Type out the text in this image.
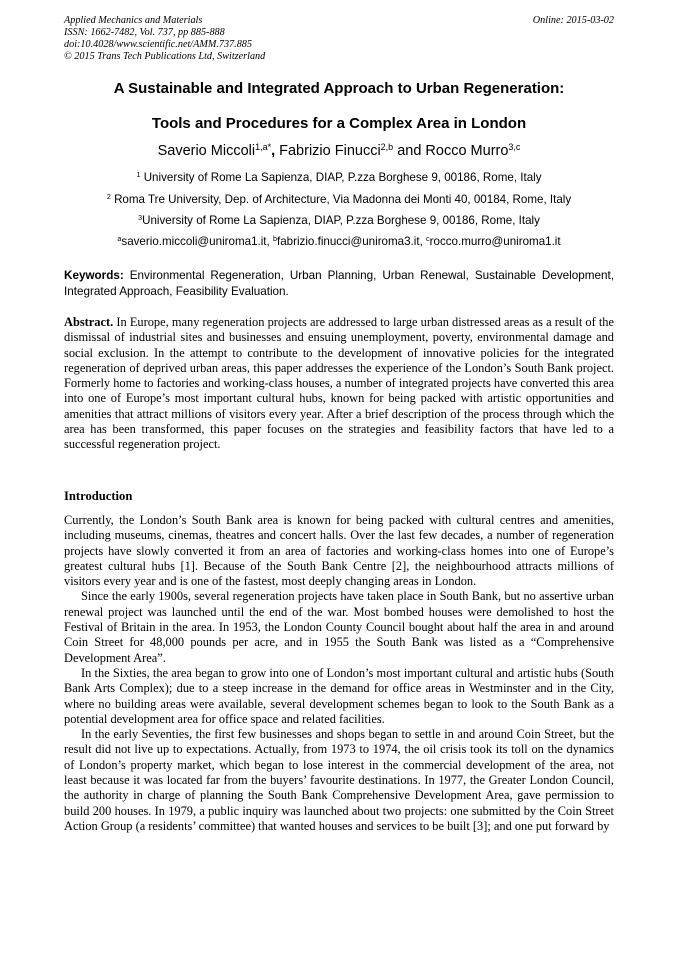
Applied Mechanics and Materials
ISSN: 1662-7482, Vol. 737, pp 885-888
doi:10.4028/www.scientific.net/AMM.737.885
© 2015 Trans Tech Publications Ltd, Switzerland
Online: 2015-03-02
A Sustainable and Integrated Approach to Urban Regeneration:
Tools and Procedures for a Complex Area in London
Saverio Miccoli$^{1,a*}$, Fabrizio Finucci$^{2,b}$ and Rocco Murro$^{3,c}$
$^1$ University of Rome La Sapienza, DIAP, P.zza Borghese 9, 00186, Rome, Italy
$^2$ Roma Tre University, Dep. of Architecture, Via Madonna dei Monti 40, 00184, Rome, Italy
$^3$University of Rome La Sapienza, DIAP, P.zza Borghese 9, 00186, Rome, Italy
$^a$saverio.miccoli@uniroma1.it, $^b$fabrizio.finucci@uniroma3.it, $^c$rocco.murro@uniroma1.it
Keywords: Environmental Regeneration, Urban Planning, Urban Renewal, Sustainable Development, Integrated Approach, Feasibility Evaluation.
Abstract. In Europe, many regeneration projects are addressed to large urban distressed areas as a result of the dismissal of industrial sites and businesses and ensuing unemployment, poverty, environmental damage and social exclusion. In the attempt to contribute to the development of innovative policies for the integrated regeneration of deprived urban areas, this paper addresses the experience of the London’s South Bank project. Formerly home to factories and working-class houses, a number of integrated projects have converted this area into one of Europe’s most important cultural hubs, known for being packed with artistic opportunities and amenities that attract millions of visitors every year. After a brief description of the process through which the area has been transformed, this paper focuses on the strategies and feasibility factors that have led to a successful regeneration project.
Introduction

Currently, the London’s South Bank area is known for being packed with cultural centres and amenities, including museums, cinemas, theatres and concert halls. Over the last few decades, a number of regeneration projects have slowly converted it from an area of factories and working-class homes into one of Europe’s greatest cultural hubs [1]. Because of the South Bank Centre [2], the neighbourhood attracts millions of visitors every year and is one of the fastest, most deeply changing areas in London.

Since the early 1900s, several regeneration projects have taken place in South Bank, but no assertive urban renewal project was launched until the end of the war. Most bombed houses were demolished to host the Festival of Britain in the area. In 1953, the London County Council bought about half the area in and around Coin Street for 48,000 pounds per acre, and in 1955 the South Bank was listed as a “Comprehensive Development Area”.

In the Sixties, the area began to grow into one of London’s most important cultural and artistic hubs (South Bank Arts Complex); due to a steep increase in the demand for office areas in Westminster and in the City, where no building areas were available, several development schemes began to look to the South Bank as a potential development area for office space and related facilities.

In the early Seventies, the first few businesses and shops began to settle in and around Coin Street, but the result did not live up to expectations. Actually, from 1973 to 1974, the oil crisis took its toll on the dynamics of London’s property market, which began to lose interest in the commercial development of the area, not least because it was located far from the buyers’ favourite destinations. In 1977, the Greater London Council, the authority in charge of planning the South Bank Comprehensive Development Area, gave permission to build 200 houses. In 1979, a public inquiry was launched about two projects: one submitted by the Coin Street Action Group (a residents’ committee) that wanted houses and services to be built [3]; and one put forward by
